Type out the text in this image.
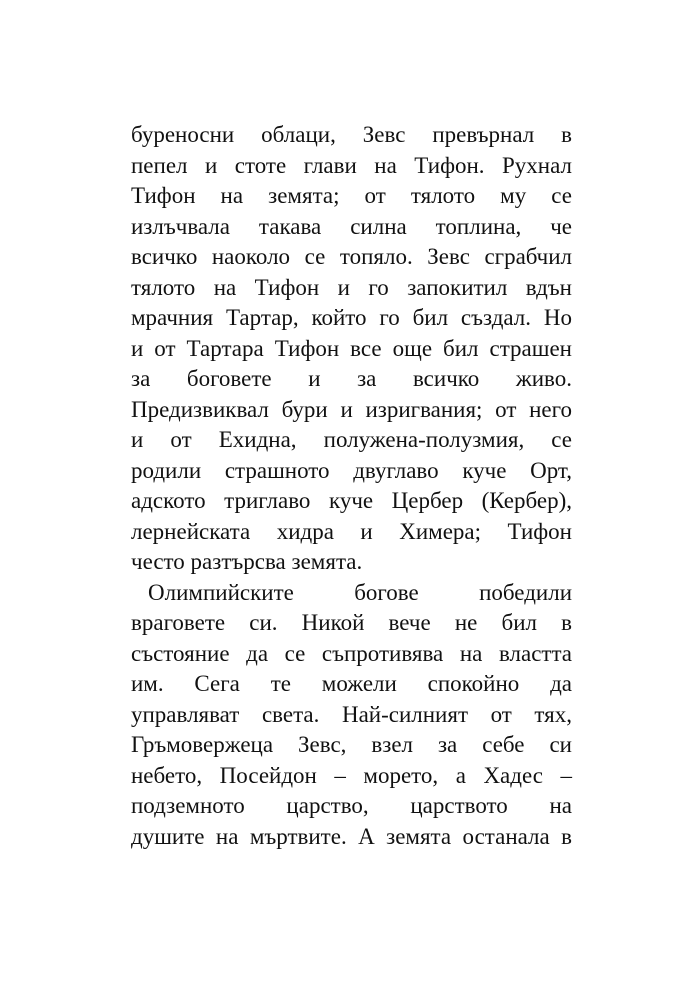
буреносни облаци, Зевс превърнал в
пепел и стоте глави на Тифон. Рухнал
Тифон на земята; от тялото му се
излъчвала такава силна топлина, че
всичко наоколо се топяло. Зевс сграбчил
тялото на Тифон и го запокитил вдън
мрачния Тартар, който го бил създал. Но
и от Тартара Тифон все още бил страшен
за боговете и за всичко живо.
Предизвиквал бури и изригвания; от него
и от Ехидна, полужена-полузмия, се
родили страшното двуглаво куче Орт,
адското триглаво куче Цербер (Кербер),
лернейската хидра и Химера; Тифон
често разтърсва земята.
Олимпийските богове победили
враговете си. Никой вече не бил в
състояние да се съпротивява на властта
им. Сега те можели спокойно да
управляват света. Най-силният от тях,
Гръмовержеца Зевс, взел за себе си
небето, Посейдон – морето, а Хадес –
подземното царство, царството на
душите на мъртвите. А земята останала в
